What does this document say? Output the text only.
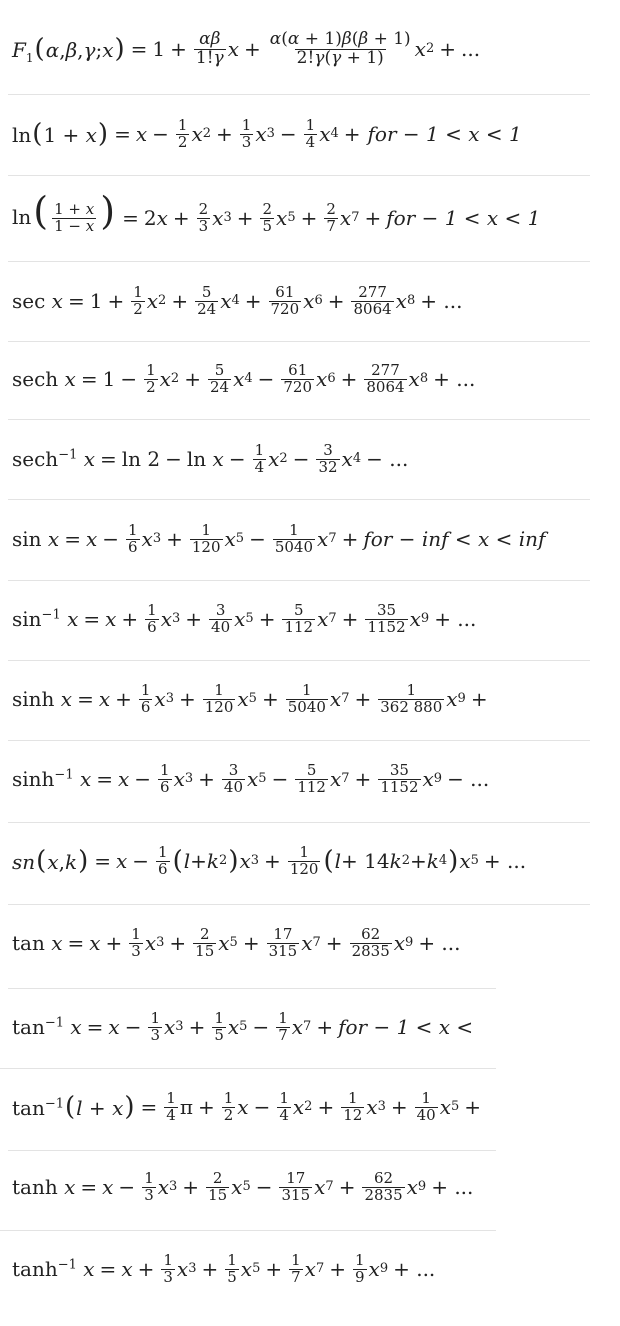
$F_1(\alpha,\beta,\gamma;x) = 1 + \frac{\alpha\beta}{1!\gamma}$ $x + \frac{\alpha(\alpha + 1)\beta(\beta + 1)}{2!\gamma(\gamma + 1)}$ x 2 + ...
$\ln(1 + x) = x - \frac{1}{2}$ x $2 + \frac{1}{3}$ x $3 - \frac{1}{4}$ x 4 + for − 1 < x < 1
$\ln( \frac{1 + x}{1 - x}$ ) = $2x + \frac{2}{3}$ x $3 + \frac{2}{5}$ x $5 + \frac{2}{7}$ x 7 + for − 1 < x < 1
$\sec x = 1 + \frac{1}{2}$ x $2 + \frac{5}{24}$ x $4 + \frac{61}{720}$ x $6 + \frac{277}{8064}$ x 8 + ...
sech $x = 1 - \frac{1}{2}$ x $2 + \frac{5}{24}$ x $4 - \frac{61}{720}$ x $6 + \frac{277}{8064}$ x 8 + ...
sech$^{-1}$ $x = \ln 2 - \ln x - \frac{1}{4}$ x $2 - \frac{3}{32}$ x 4 − ...
$\sin x = x - \frac{1}{6}$ x $3 + \frac{1}{120}$ x $5 - \frac{1}{5040}$ x 7 + for − inf < x < inf
$\sin^{-1} x = x + \frac{1}{6}$ x $3 + \frac{3}{40}$ x $5 + \frac{5}{112}$ x $7 + \frac{35}{1152}$ x 9 + ...
$\sinh x = x + \frac{1}{6}$ x $3 + \frac{1}{120}$ x $5 + \frac{1}{5040}$ x $7 + \frac{1}{362 880}$ x 9 +
$\sinh^{-1} x = x - \frac{1}{6}$ x $3 + \frac{3}{40}$ x $5 - \frac{5}{112}$ x $7 + \frac{35}{1152}$ x 9 − ...
$sn(x,k) = x - \frac{1}{6}$ ( l + k 2 ) x $3 + \frac{1}{120}$ ( l + 14 k 2 + k 4 ) x 5 + ...
$\tan x = x + \frac{1}{3}$ x $3 + \frac{2}{15}$ x $5 + \frac{17}{315}$ x $7 + \frac{62}{2835}$ x 9 + ...
$\tan^{-1} x = x - \frac{1}{3}$ x $3 + \frac{1}{5}$ x $5 - \frac{1}{7}$ x 7 + for − 1 < x <
$\tan^{-1}(l + x) = \frac{1}{4}$ $\pi + \frac{1}{2}$ $x - \frac{1}{4}$ x $2 + \frac{1}{12}$ x $3 + \frac{1}{40}$ x 5 +
$\tanh x = x - \frac{1}{3}$ x $3 + \frac{2}{15}$ x $5 - \frac{17}{315}$ x $7 + \frac{62}{2835}$ x 9 + ...
$\tanh^{-1} x = x + \frac{1}{3}$ x $3 + \frac{1}{5}$ x $5 + \frac{1}{7}$ x $7 + \frac{1}{9}$ x 9 + ...
